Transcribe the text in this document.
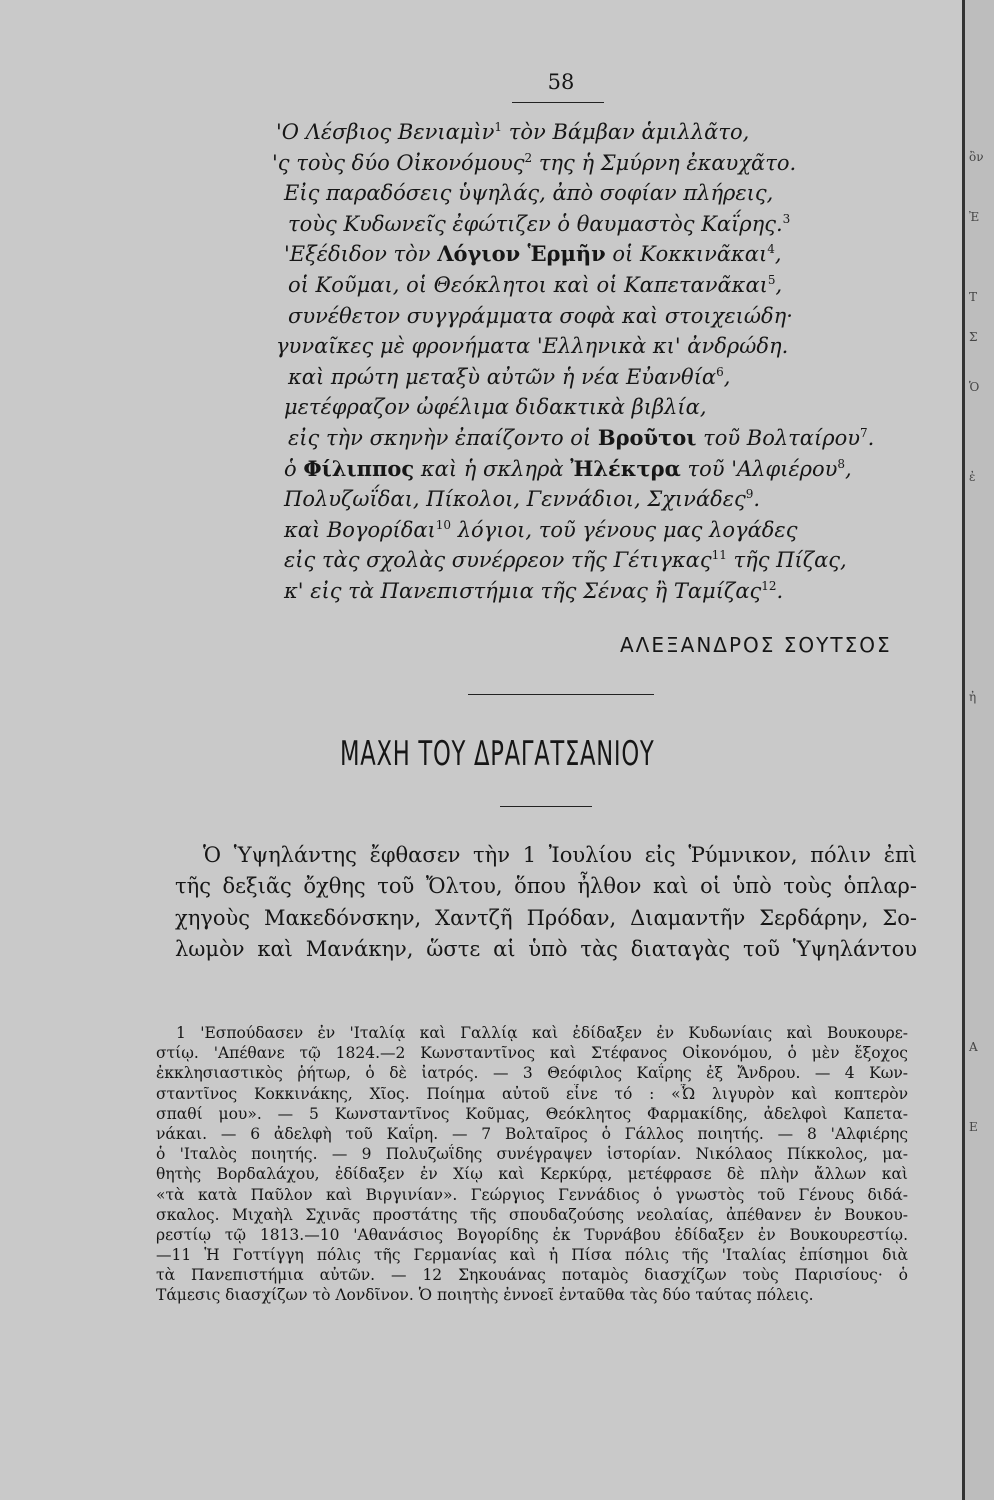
58
'Ο Λέσβιος Βενιαμὶν$^1$ τὸν Βάμβαν ἁμιλλᾶτο,
'ς τοὺς δύο Οἰκονόμους$^2$ της ἡ Σμύρνη ἐκαυχᾶτο.
Εἰς παραδόσεις ὑψηλάς, ἀπὸ σοφίαν πλήρεις,
τοὺς Κυδωνεῖς ἐφώτιζεν ὁ θαυμαστὸς Καΐρης.$^3$
'Εξέδιδον τὸν Λόγιον Ἑρμῆν οἱ Κοκκινᾶκαι$^4$,
οἱ Κοῦμαι, οἱ Θεόκλητοι καὶ οἱ Καπετανᾶκαι$^5$,
συνέθετον συγγράμματα σοφὰ καὶ στοιχειώδη·
γυναῖκες μὲ φρονήματα 'Ελληνικὰ κι' ἀνδρώδη.
καὶ πρώτη μεταξὺ αὐτῶν ἡ νέα Εὐανθία$^6$,
μετέφραζον ὠφέλιμα διδακτικὰ βιβλία,
εἰς τὴν σκηνὴν ἐπαίζοντο οἱ Βροῦτοι τοῦ Βολταίρου$^7$.
ὁ Φίλιππος καὶ ἡ σκληρὰ Ἠλέκτρα τοῦ 'Αλφιέρου$^8$,
Πολυζωΐδαι, Πίκολοι, Γεννάδιοι, Σχινάδες$^9$.
καὶ Βογορίδαι$^{10}$ λόγιοι, τοῦ γένους μας λογάδες
εἰς τὰς σχολὰς συνέρρεον τῆς Γέτιγκας$^{11}$ τῆς Πίζας,
κ' εἰς τὰ Πανεπιστήμια τῆς Σένας ἢ Ταμίζας$^{12}$.
ΑΛΕΞΑΝΔΡΟΣ ΣΟΥΤΣΟΣ
ΜΑΧΗ ΤΟΥ ΔΡΑΓΑΤΣΑΝΙΟΥ
Ὁ Ὑψηλάντης ἔφθασεν τὴν 1 Ἰουλίου εἰς Ῥύμνικον, πόλιν ἐπὶ
τῆς δεξιᾶς ὄχθης τοῦ Ὄλτου, ὅπου ἦλθον καὶ οἱ ὑπὸ τοὺς ὁπλαρ-
χηγοὺς Μακεδόνσκην, Χαντζῆ Πρόδαν, Διαμαντῆν Σερδάρην, Σο-
λωμὸν καὶ Μανάκην, ὥστε αἱ ὑπὸ τὰς διαταγὰς τοῦ Ὑψηλάντου
1 'Εσπούδασεν ἐν 'Ιταλίᾳ καὶ Γαλλίᾳ καὶ ἐδίδαξεν ἐν Κυδωνίαις καὶ Βουκουρε-
στίῳ. 'Απέθανε τῷ 1824.—2 Κωνσταντῖνος καὶ Στέφανος Οἰκονόμου, ὁ μὲν ἔξοχος
ἐκκλησιαστικὸς ῥήτωρ, ὁ δὲ ἰατρός. — 3 Θεόφιλος Καΐρης ἐξ Ἄνδρου. — 4 Κων-
σταντῖνος Κοκκινάκης, Χῖος. Ποίημα αὐτοῦ εἶνε τό : «Ὦ λιγυρὸν καὶ κοπτερὸν
σπαθί μου». — 5 Κωνσταντῖνος Κοῦμας, Θεόκλητος Φαρμακίδης, ἀδελφοὶ Καπετα-
νάκαι. — 6 ἀδελφὴ τοῦ Καΐρη. — 7 Βολταῖρος ὁ Γάλλος ποιητής. — 8 'Αλφιέρης
ὁ 'Ιταλὸς ποιητής. — 9 Πολυζωΐδης συνέγραψεν ἱστορίαν. Νικόλαος Πίκκολος, μα-
θητὴς Βορδαλάχου, ἐδίδαξεν ἐν Χίῳ καὶ Κερκύρᾳ, μετέφρασε δὲ πλὴν ἄλλων καὶ
«τὰ κατὰ Παῦλον καὶ Βιργινίαν». Γεώργιος Γεννάδιος ὁ γνωστὸς τοῦ Γένους διδά-
σκαλος. Μιχαὴλ Σχινᾶς προστάτης τῆς σπουδαζούσης νεολαίας, ἀπέθανεν ἐν Βουκου-
ρεστίῳ τῷ 1813.—10 'Αθανάσιος Βογορίδης ἐκ Τυρνάβου ἐδίδαξεν ἐν Βουκουρεστίῳ.
—11 Ἡ Γοττίγγη πόλις τῆς Γερμανίας καὶ ἡ Πίσα πόλις τῆς 'Ιταλίας ἐπίσημοι διὰ
τὰ Πανεπιστήμια αὐτῶν. — 12 Σηκουάνας ποταμὸς διασχίζων τοὺς Παρισίους· ὁ
Τάμεσις διασχίζων τὸ Λονδῖνον. Ὁ ποιητὴς ἐννοεῖ ἐνταῦθα τὰς δύο ταύτας πόλεις.
ὂν
Ἐ
Τ
Σ
Ὁ
ἐ
ἠ
Α
Ε
